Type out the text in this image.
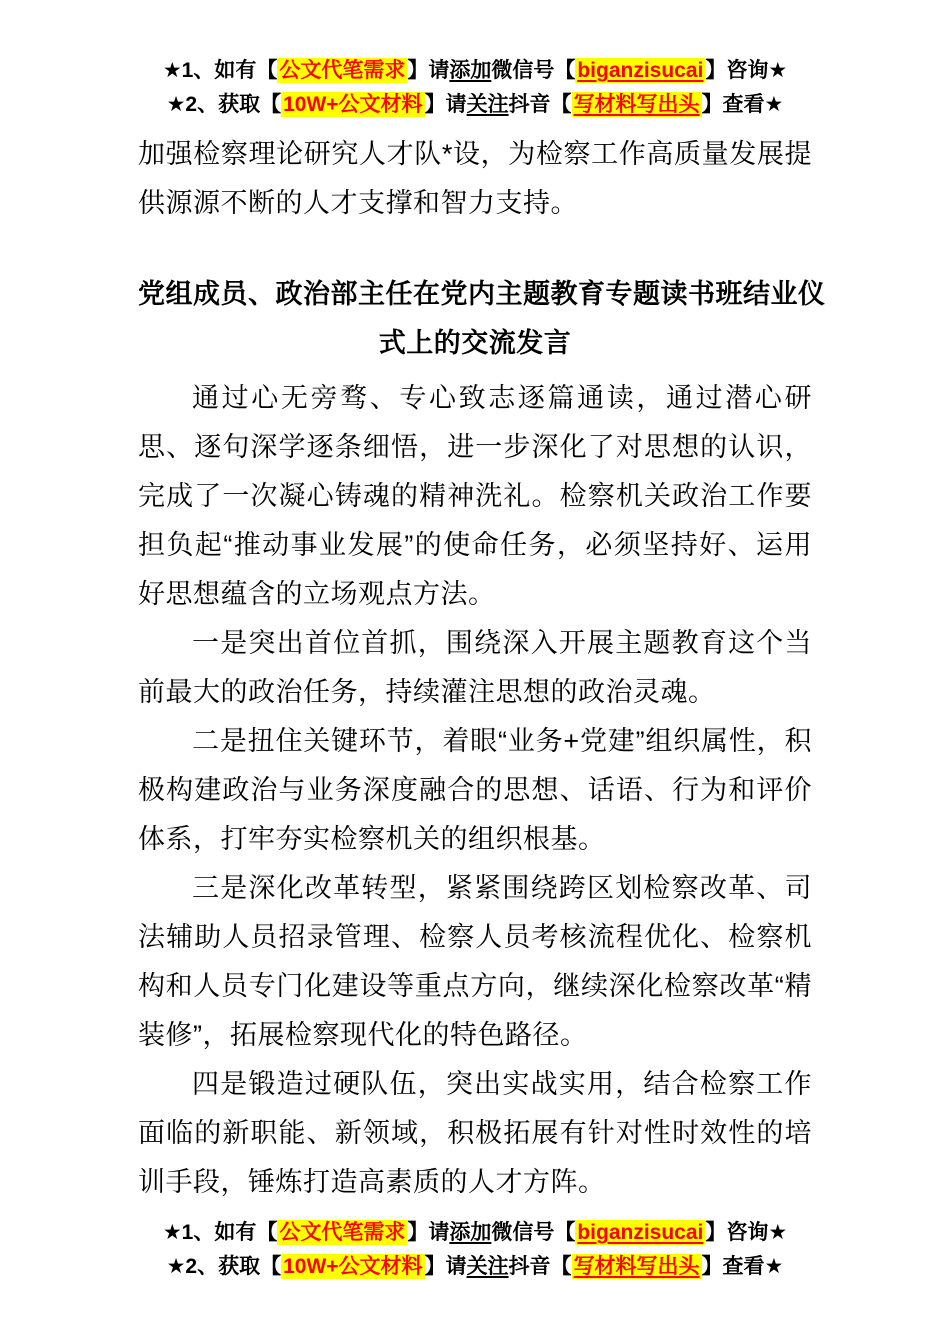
★1、如有【公文代笔需求】请添加微信号【biganzisucai】咨询★
★2、获取【10W+公文材料】请关注抖音【写材料写出头】查看★

加强检察理论研究人才队*设，为检察工作高质量发展提供源源不断的人才支撑和智力支持。

党组成员、政治部主任在党内主题教育专题读书班结业仪
式上的交流发言

通过心无旁骛、专心致志逐篇通读，通过潜心研思、逐句深学逐条细悟，进一步深化了对思想的认识，完成了一次凝心铸魂的精神洗礼。检察机关政治工作要担负起“推动事业发展”的使命任务，必须坚持好、运用好思想蕴含的立场观点方法。

一是突出首位首抓，围绕深入开展主题教育这个当前最大的政治任务，持续灌注思想的政治灵魂。

二是扭住关键环节，着眼“业务+党建”组织属性，积极构建政治与业务深度融合的思想、话语、行为和评价体系，打牢夯实检察机关的组织根基。

三是深化改革转型，紧紧围绕跨区划检察改革、司法辅助人员招录管理、检察人员考核流程优化、检察机构和人员专门化建设等重点方向，继续深化检察改革“精装修”，拓展检察现代化的特色路径。

四是锻造过硬队伍，突出实战实用，结合检察工作面临的新职能、新领域，积极拓展有针对性时效性的培训手段，锤炼打造高素质的人才方阵。

★1、如有【公文代笔需求】请添加微信号【biganzisucai】咨询★
★2、获取【10W+公文材料】请关注抖音【写材料写出头】查看★
